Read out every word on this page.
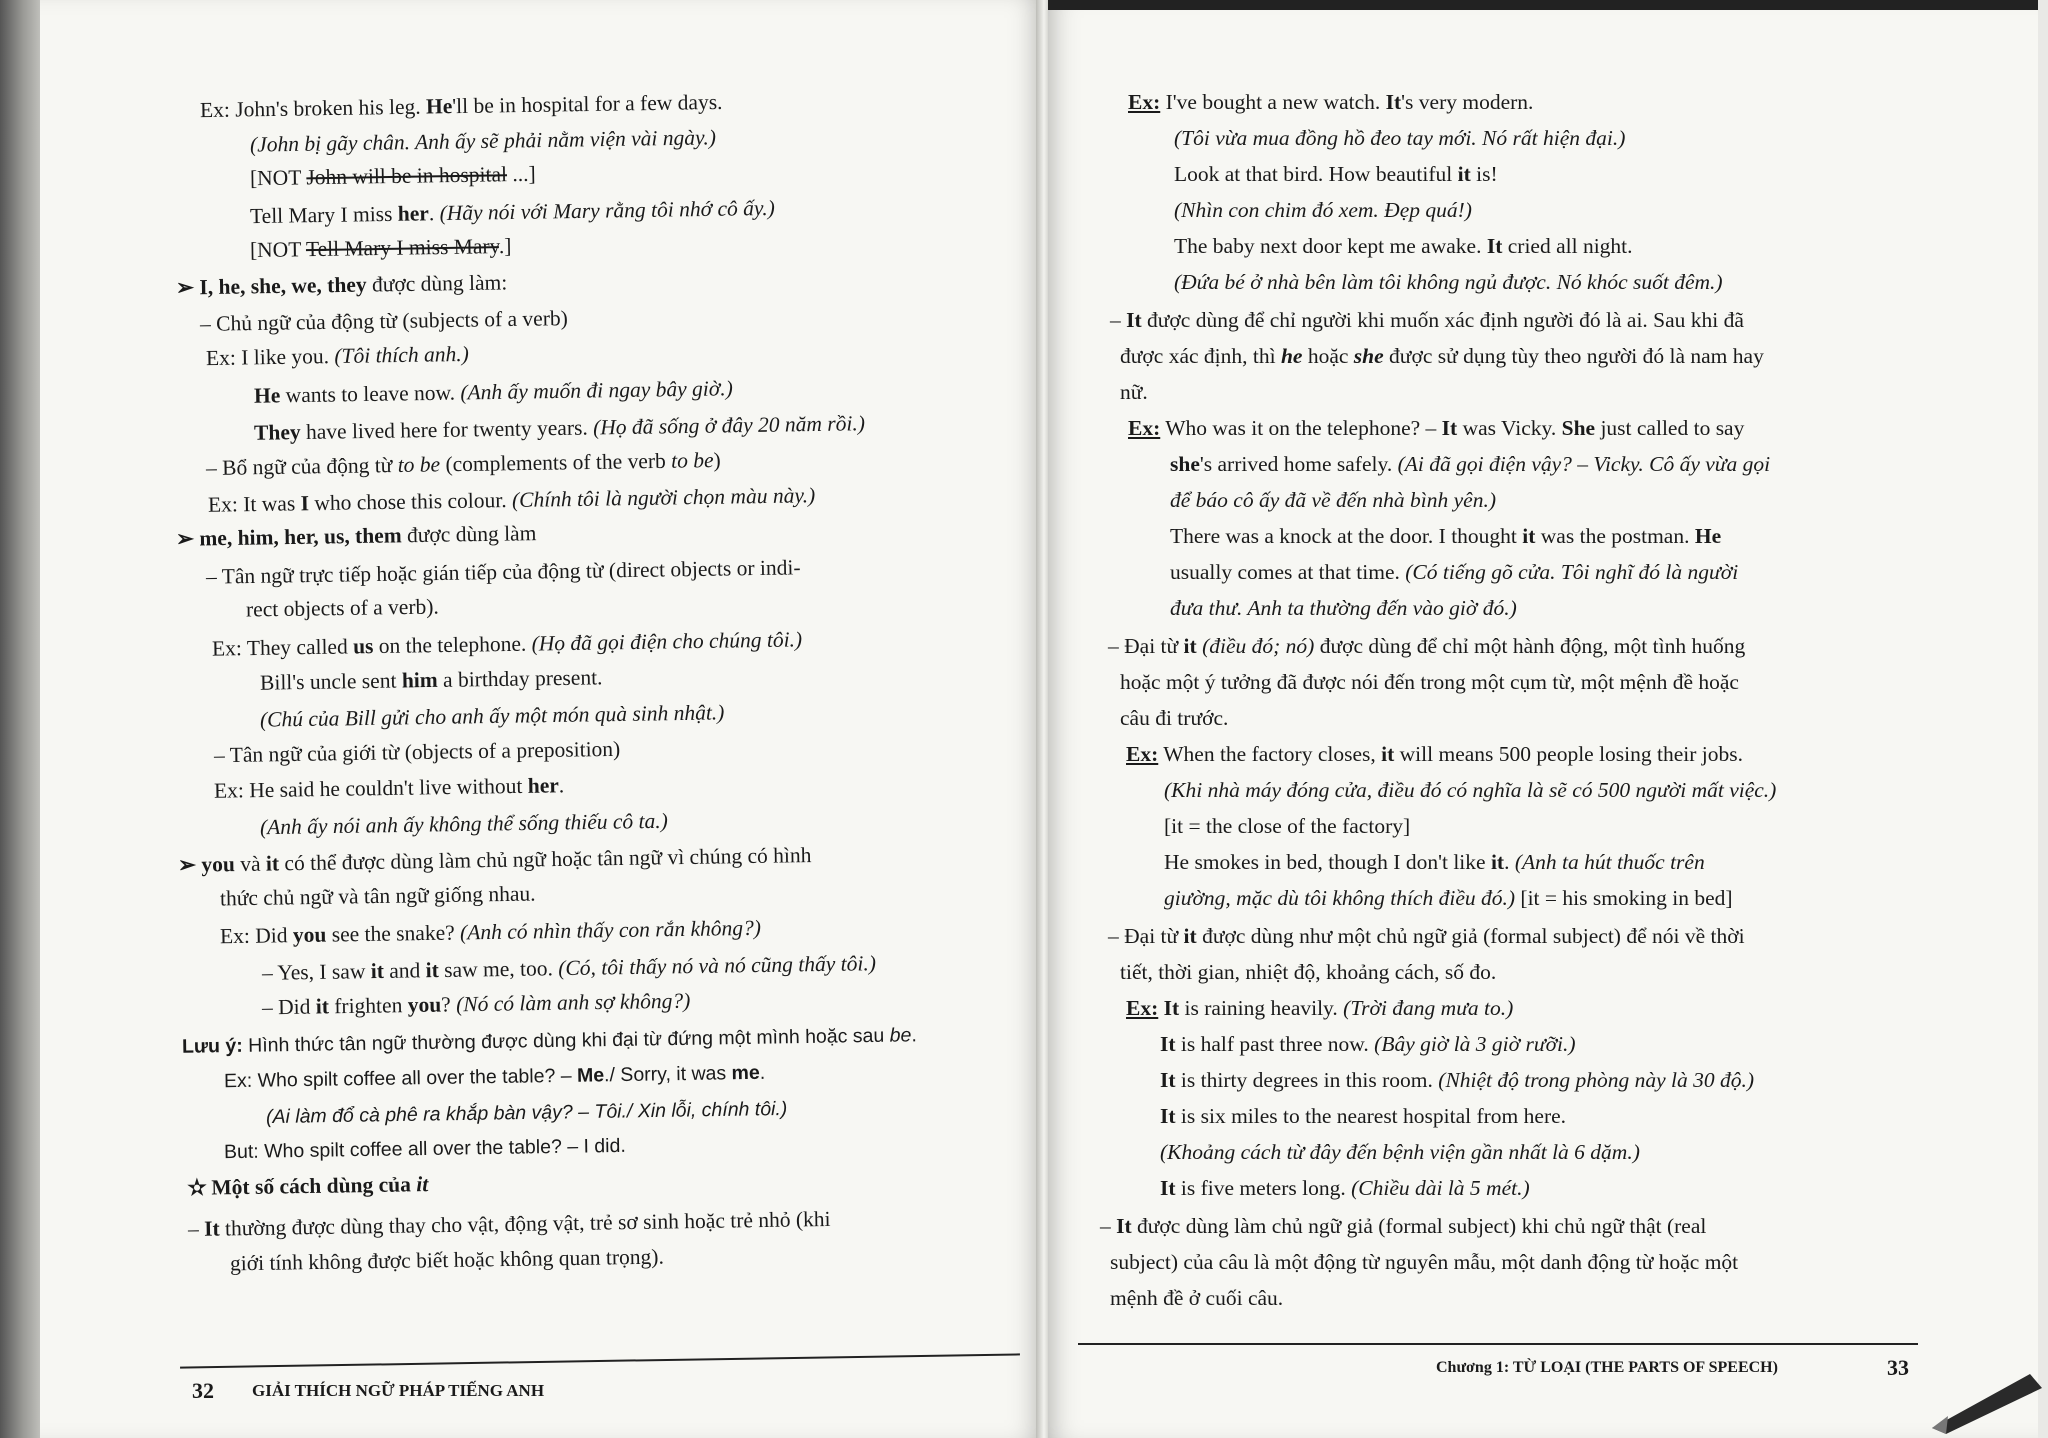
Ex: John's broken his leg. He'll be in hospital for a few days.
(John bị gãy chân. Anh ấy sẽ phải nằm viện vài ngày.)
[NOT John will be in hospital ...]
Tell Mary I miss her. (Hãy nói với Mary rằng tôi nhớ cô ấy.)
[NOT Tell Mary I miss Mary.]
➢ I, he, she, we, they được dùng làm:
– Chủ ngữ của động từ (subjects of a verb)
Ex: I like you. (Tôi thích anh.)
He wants to leave now. (Anh ấy muốn đi ngay bây giờ.)
They have lived here for twenty years. (Họ đã sống ở đây 20 năm rồi.)
– Bổ ngữ của động từ to be (complements of the verb to be)
Ex: It was I who chose this colour. (Chính tôi là người chọn màu này.)
➢ me, him, her, us, them được dùng làm
– Tân ngữ trực tiếp hoặc gián tiếp của động từ (direct objects or indi-
rect objects of a verb).
Ex: They called us on the telephone. (Họ đã gọi điện cho chúng tôi.)
Bill's uncle sent him a birthday present.
(Chú của Bill gửi cho anh ấy một món quà sinh nhật.)
– Tân ngữ của giới từ (objects of a preposition)
Ex: He said he couldn't live without her.
(Anh ấy nói anh ấy không thể sống thiếu cô ta.)
➢ you và it có thể được dùng làm chủ ngữ hoặc tân ngữ vì chúng có hình
thức chủ ngữ và tân ngữ giống nhau.
Ex: Did you see the snake? (Anh có nhìn thấy con rắn không?)
– Yes, I saw it and it saw me, too. (Có, tôi thấy nó và nó cũng thấy tôi.)
– Did it frighten you? (Nó có làm anh sợ không?)
Lưu ý: Hình thức tân ngữ thường được dùng khi đại từ đứng một mình hoặc sau be.
Ex: Who spilt coffee all over the table? – Me./ Sorry, it was me.
(Ai làm đổ cà phê ra khắp bàn vậy? – Tôi./ Xin lỗi, chính tôi.)
But: Who spilt coffee all over the table? – I did.
✫ Một số cách dùng của it
– It thường được dùng thay cho vật, động vật, trẻ sơ sinh hoặc trẻ nhỏ (khi
giới tính không được biết hoặc không quan trọng).
Ex: I've bought a new watch. It's very modern.
(Tôi vừa mua đồng hồ đeo tay mới. Nó rất hiện đại.)
Look at that bird. How beautiful it is!
(Nhìn con chim đó xem. Đẹp quá!)
The baby next door kept me awake. It cried all night.
(Đứa bé ở nhà bên làm tôi không ngủ được. Nó khóc suốt đêm.)
– It được dùng để chỉ người khi muốn xác định người đó là ai. Sau khi đã
được xác định, thì he hoặc she được sử dụng tùy theo người đó là nam hay
nữ.
Ex: Who was it on the telephone? – It was Vicky. She just called to say
she's arrived home safely. (Ai đã gọi điện vậy? – Vicky. Cô ấy vừa gọi
để báo cô ấy đã về đến nhà bình yên.)
There was a knock at the door. I thought it was the postman. He
usually comes at that time. (Có tiếng gõ cửa. Tôi nghĩ đó là người
đưa thư. Anh ta thường đến vào giờ đó.)
– Đại từ it (điều đó; nó) được dùng để chỉ một hành động, một tình huống
hoặc một ý tưởng đã được nói đến trong một cụm từ, một mệnh đề hoặc
câu đi trước.
Ex: When the factory closes, it will means 500 people losing their jobs.
(Khi nhà máy đóng cửa, điều đó có nghĩa là sẽ có 500 người mất việc.)
[it = the close of the factory]
He smokes in bed, though I don't like it. (Anh ta hút thuốc trên
giường, mặc dù tôi không thích điều đó.) [it = his smoking in bed]
– Đại từ it được dùng như một chủ ngữ giả (formal subject) để nói về thời
tiết, thời gian, nhiệt độ, khoảng cách, số đo.
Ex: It is raining heavily. (Trời đang mưa to.)
It is half past three now. (Bây giờ là 3 giờ rưỡi.)
It is thirty degrees in this room. (Nhiệt độ trong phòng này là 30 độ.)
It is six miles to the nearest hospital from here.
(Khoảng cách từ đây đến bệnh viện gần nhất là 6 dặm.)
It is five meters long. (Chiều dài là 5 mét.)
– It được dùng làm chủ ngữ giả (formal subject) khi chủ ngữ thật (real
subject) của câu là một động từ nguyên mẫu, một danh động từ hoặc một
mệnh đề ở cuối câu.
32 GIẢI THÍCH NGỮ PHÁP TIẾNG ANH
Chương 1: TỪ LOẠI (THE PARTS OF SPEECH)	33
